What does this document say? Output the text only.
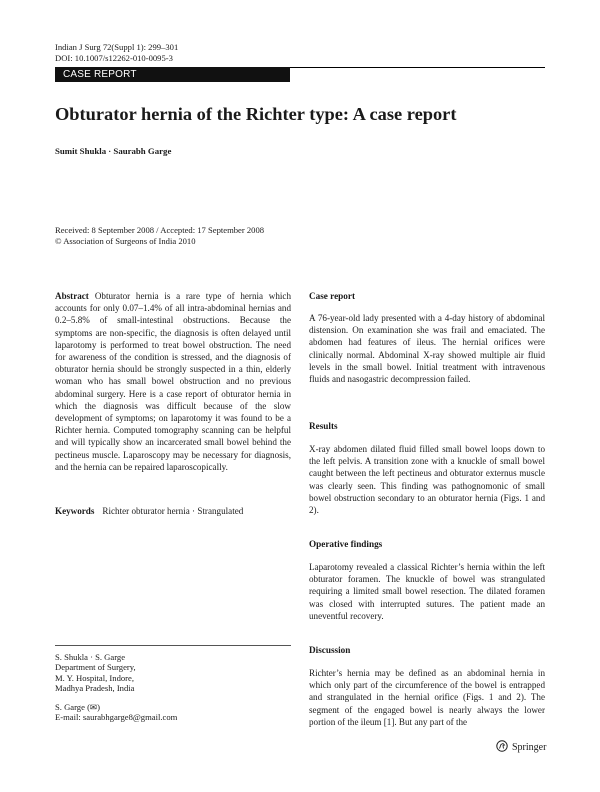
Indian J Surg 72(Suppl 1): 299–301
DOI: 10.1007/s12262-010-0095-3
CASE REPORT
Obturator hernia of the Richter type: A case report
Sumit Shukla · Saurabh Garge
Received: 8 September 2008 / Accepted: 17 September 2008
© Association of Surgeons of India 2010
Abstract Obturator hernia is a rare type of hernia which accounts for only 0.07–1.4% of all intra-abdominal hernias and 0.2–5.8% of small-intestinal obstructions. Because the symptoms are non-specific, the diagnosis is often delayed until laparotomy is performed to treat bowel obstruction. The need for awareness of the condition is stressed, and the diagnosis of obturator hernia should be strongly suspected in a thin, elderly woman who has small bowel obstruction and no previous abdominal surgery. Here is a case report of obturator hernia in which the diagnosis was difficult because of the slow development of symptoms; on laparotomy it was found to be a Richter hernia. Computed tomography scanning can be helpful and will typically show an incarcerated small bowel behind the pectineus muscle. Laparoscopy may be necessary for diagnosis, and the hernia can be repaired laparoscopically.
Keywords Richter obturator hernia · Strangulated
S. Shukla · S. Garge
Department of Surgery,
M. Y. Hospital, Indore,
Madhya Pradesh, India
S. Garge (✉)
E-mail: saurabhgarge8@gmail.com
Case report
A 76-year-old lady presented with a 4-day history of abdominal distension. On examination she was frail and emaciated. The abdomen had features of ileus. The hernial orifices were clinically normal. Abdominal X-ray showed multiple air fluid levels in the small bowel. Initial treatment with intravenous fluids and nasogastric decompression failed.
Results
X-ray abdomen dilated fluid filled small bowel loops down to the left pelvis. A transition zone with a knuckle of small bowel caught between the left pectineus and obturator externus muscle was clearly seen. This finding was pathognomonic of small bowel obstruction secondary to an obturator hernia (Figs. 1 and 2).
Operative findings
Laparotomy revealed a classical Richter’s hernia within the left obturator foramen. The knuckle of bowel was strangulated requiring a limited small bowel resection. The dilated foramen was closed with interrupted sutures. The patient made an uneventful recovery.
Discussion
Richter’s hernia may be defined as an abdominal hernia in which only part of the circumference of the bowel is entrapped and strangulated in the hernial orifice (Figs. 1 and 2). The segment of the engaged bowel is nearly always the lower portion of the ileum [1]. But any part of the
Springer
